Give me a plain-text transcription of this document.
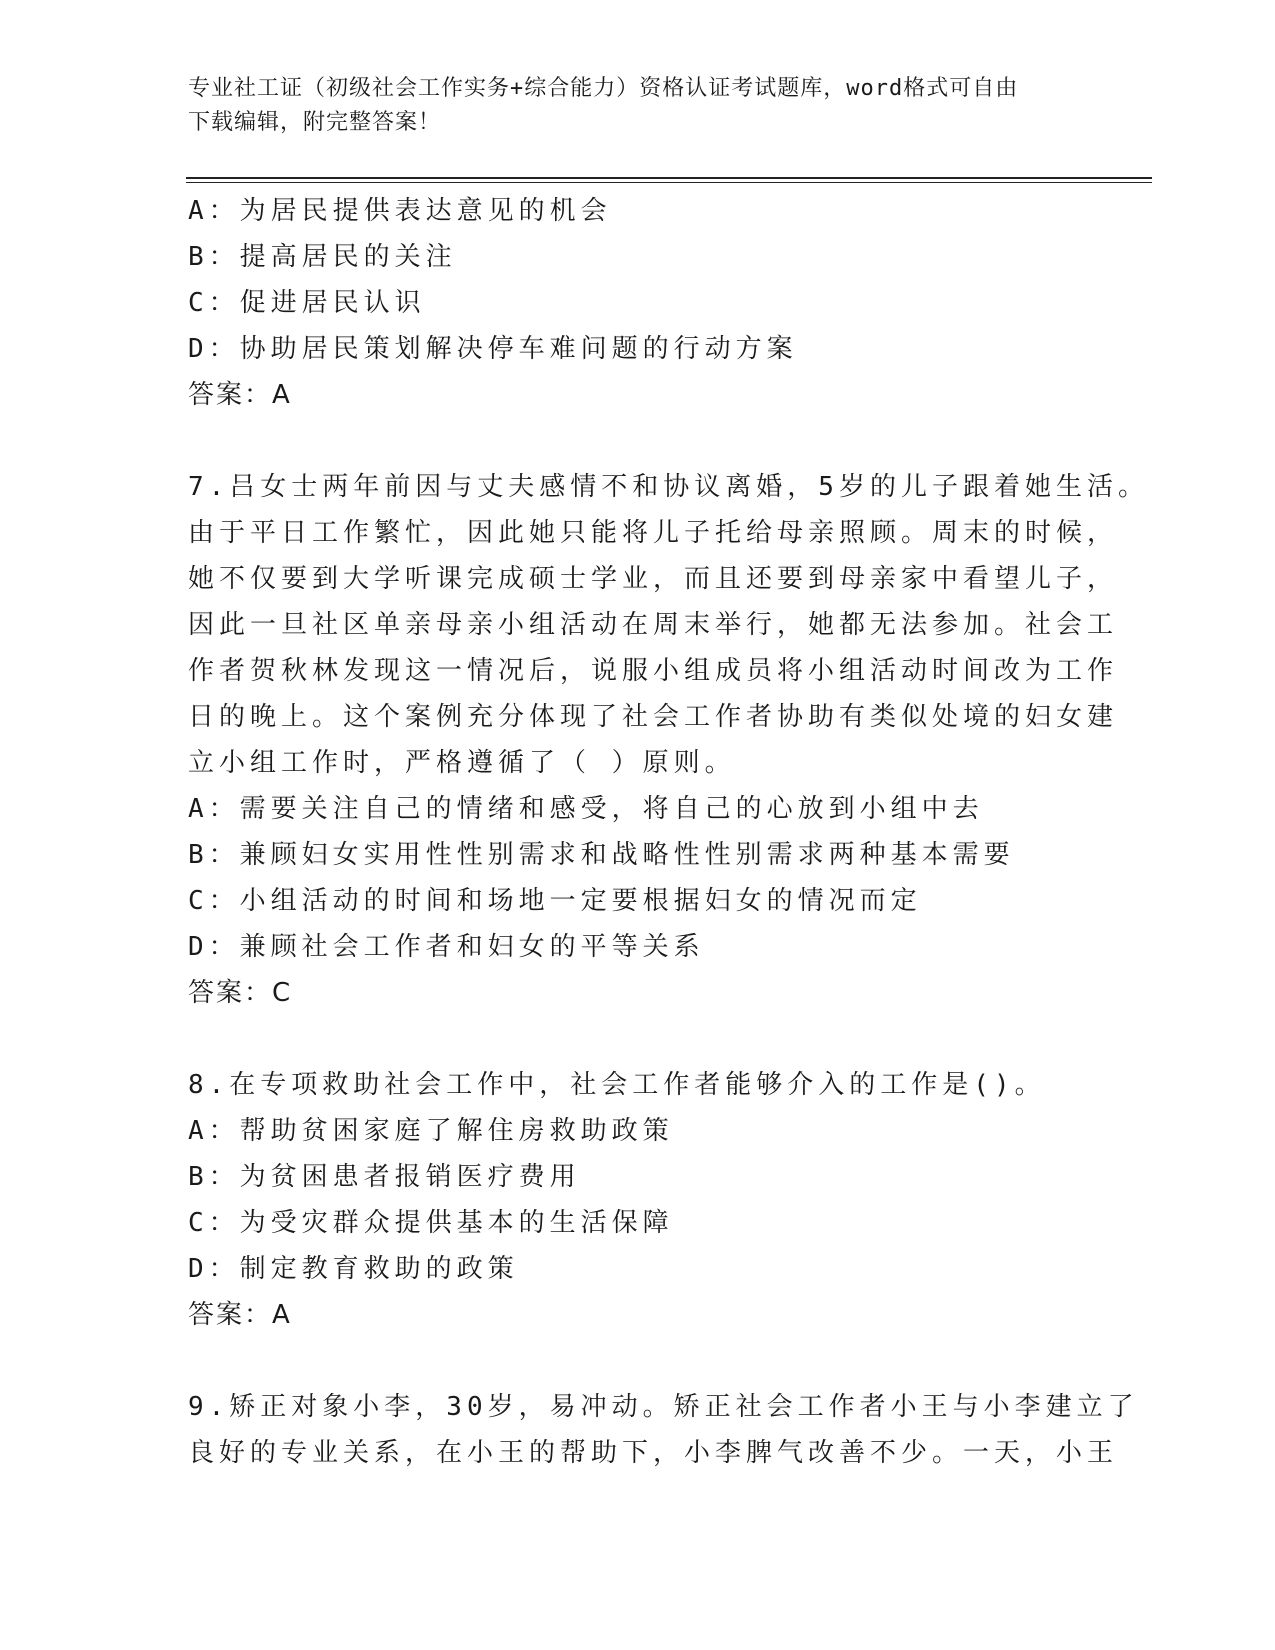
专业社工证（初级社会工作实务+综合能力）资格认证考试题库，word格式可自由
下载编辑，附完整答案！
A：为居民提供表达意见的机会
B：提高居民的关注
C：促进居民认识
D：协助居民策划解决停车难问题的行动方案
答案：A
7.吕女士两年前因与丈夫感情不和协议离婚，5岁的儿子跟着她生活。
由于平日工作繁忙，因此她只能将儿子托给母亲照顾。周末的时候，
她不仅要到大学听课完成硕士学业，而且还要到母亲家中看望儿子，
因此一旦社区单亲母亲小组活动在周末举行，她都无法参加。社会工
作者贺秋林发现这一情况后，说服小组成员将小组活动时间改为工作
日的晚上。这个案例充分体现了社会工作者协助有类似处境的妇女建
立小组工作时，严格遵循了（ ）原则。
A：需要关注自己的情绪和感受，将自己的心放到小组中去
B：兼顾妇女实用性性别需求和战略性性别需求两种基本需要
C：小组活动的时间和场地一定要根据妇女的情况而定
D：兼顾社会工作者和妇女的平等关系
答案：C
8.在专项救助社会工作中，社会工作者能够介入的工作是()。
A：帮助贫困家庭了解住房救助政策
B：为贫困患者报销医疗费用
C：为受灾群众提供基本的生活保障
D：制定教育救助的政策
答案：A
9.矫正对象小李，30岁，易冲动。矫正社会工作者小王与小李建立了
良好的专业关系，在小王的帮助下，小李脾气改善不少。一天，小王
